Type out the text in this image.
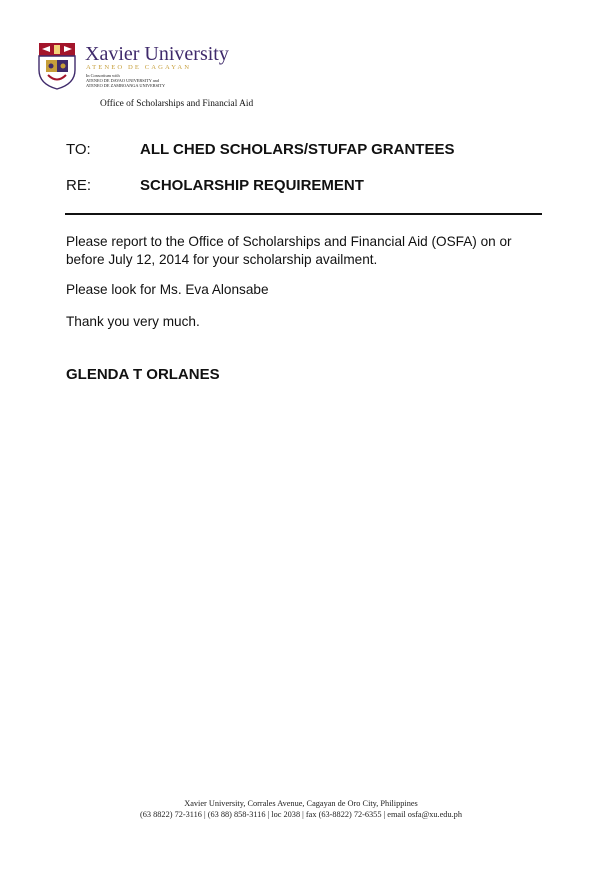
Xavier University
ATENEO DE CAGAYAN
In Consortium with
ATENEO DE DAVAO UNIVERSITY and
ATENEO DE ZAMBOANGA UNIVERSITY
Office of Scholarships and Financial Aid
TO:	ALL CHED SCHOLARS/STUFAP GRANTEES
RE:	SCHOLARSHIP REQUIREMENT
Please report to the Office of Scholarships and Financial Aid (OSFA) on or
before July 12, 2014 for your scholarship availment.
Please look for Ms. Eva Alonsabe
Thank you very much.
GLENDA T ORLANES
Xavier University, Corrales Avenue, Cagayan de Oro City, Philippines
(63 8822) 72-3116 | (63 88) 858-3116 | loc 2038 | fax (63-8822) 72-6355 | email osfa@xu.edu.ph
